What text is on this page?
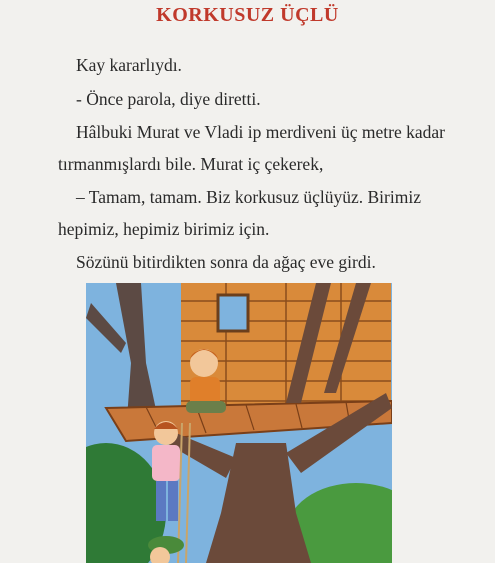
KORKUSUZ ÜÇLÜ
Kay kararlıydı.
- Önce parola, diye diretti.
Hâlbuki Murat ve Vladi ip merdiveni üç metre kadar
tırmanmışlardı bile. Murat iç çekerek,
– Tamam, tamam. Biz korkusuz üçlüyüz. Birimiz
hepimiz, hepimiz birimiz için.
Sözünü bitirdikten sonra da ağaç eve girdi.
